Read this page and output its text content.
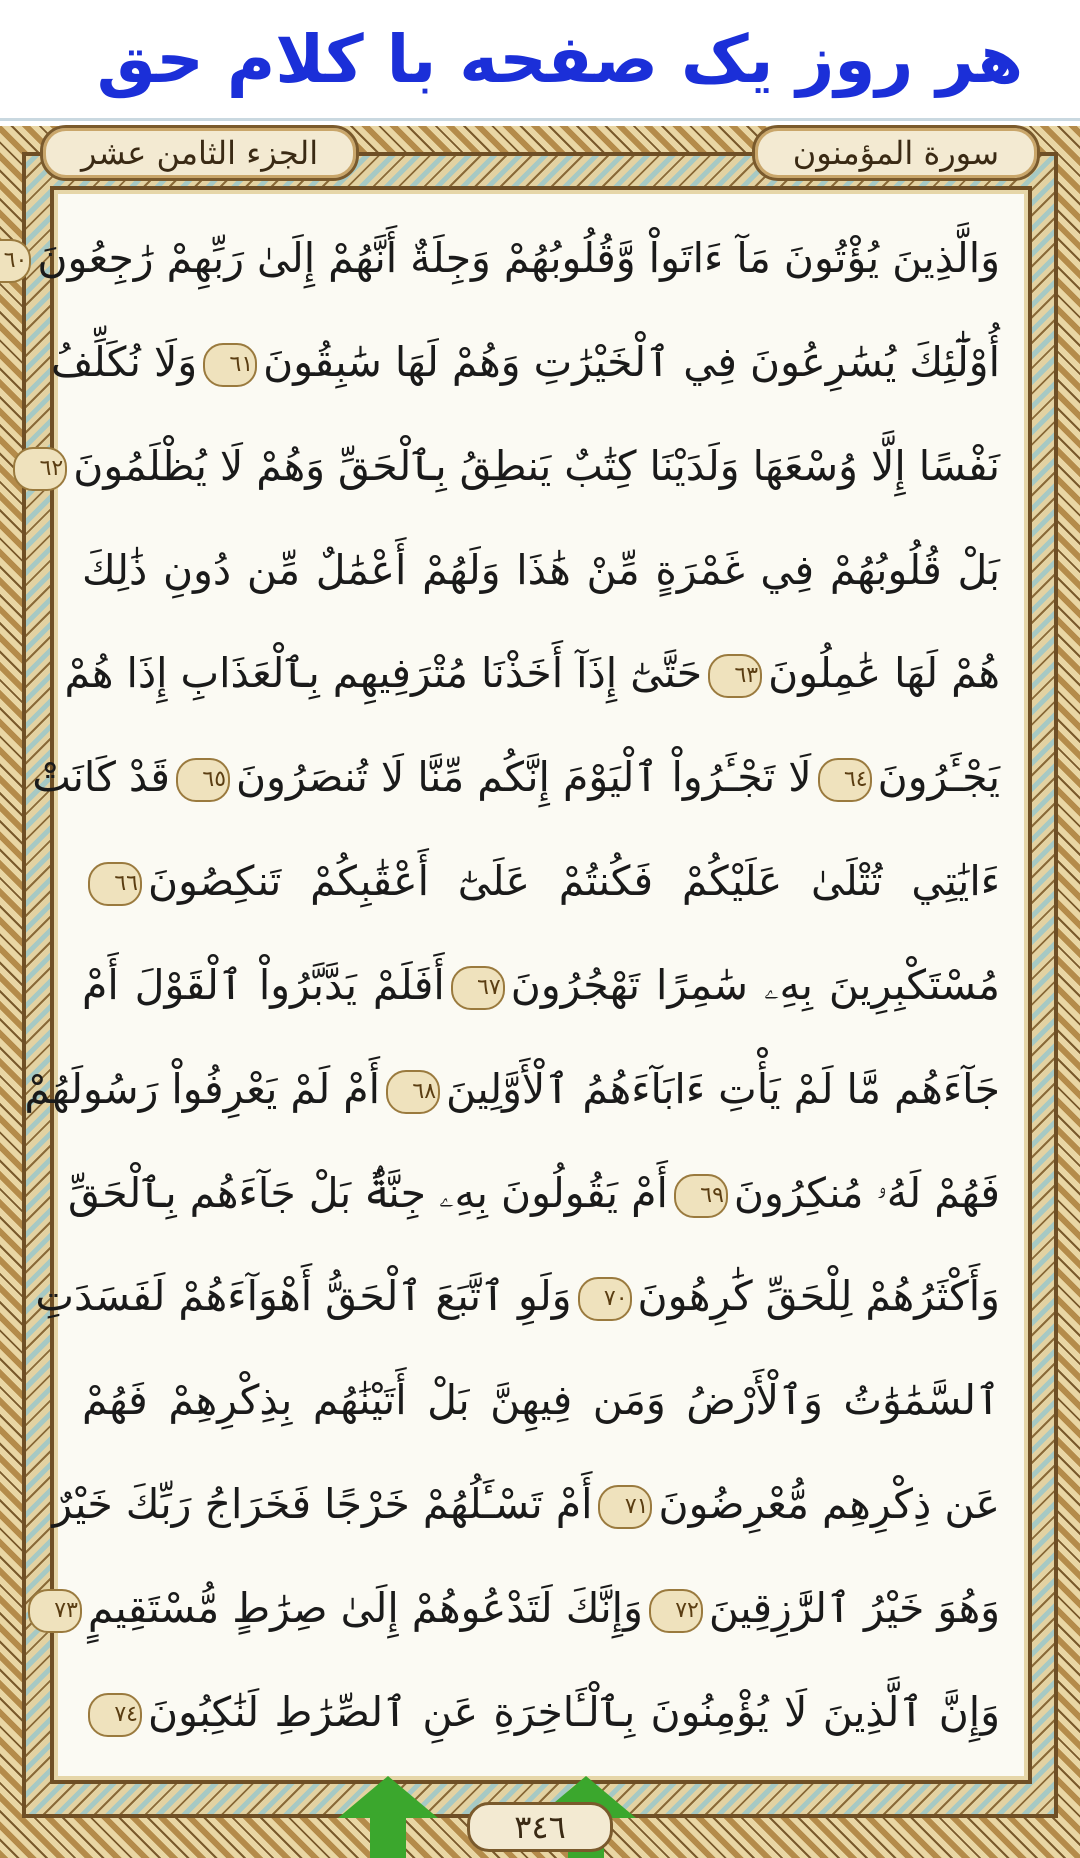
هر روز یک صفحه با کلام حق
الجزء الثامن عشر	سورة المؤمنون
وَالَّذِينَ يُؤْتُونَ مَآ ءَاتَواْ وَّقُلُوبُهُمْ وَجِلَةٌ أَنَّهُمْ إِلَىٰ رَبِّهِمْ رَٰجِعُونَ٦٠
أُوْلَٰٓئِكَ يُسَٰرِعُونَ فِي ٱلْخَيْرَٰتِ وَهُمْ لَهَا سَٰبِقُونَ٦١وَلَا نُكَلِّفُ
نَفْسًا إِلَّا وُسْعَهَا وَلَدَيْنَا كِتَٰبٌ يَنطِقُ بِٱلْحَقِّ وَهُمْ لَا يُظْلَمُونَ٦٢
بَلْ قُلُوبُهُمْ فِي غَمْرَةٍ مِّنْ هَٰذَا وَلَهُمْ أَعْمَٰلٌ مِّن دُونِ ذَٰلِكَ
هُمْ لَهَا عَٰمِلُونَ٦٣حَتَّىٰٓ إِذَآ أَخَذْنَا مُتْرَفِيهِم بِٱلْعَذَابِ إِذَا هُمْ
يَجْـَٔرُونَ٦٤لَا تَجْـَٔرُواْ ٱلْيَوْمَ إِنَّكُم مِّنَّا لَا تُنصَرُونَ٦٥قَدْ كَانَتْ
ءَايَٰتِي تُتْلَىٰ عَلَيْكُمْ فَكُنتُمْ عَلَىٰٓ أَعْقَٰبِكُمْ تَنكِصُونَ٦٦
مُسْتَكْبِرِينَ بِهِۦ سَٰمِرًا تَهْجُرُونَ٦٧أَفَلَمْ يَدَّبَّرُواْ ٱلْقَوْلَ أَمْ
جَآءَهُم مَّا لَمْ يَأْتِ ءَابَآءَهُمُ ٱلْأَوَّلِينَ٦٨أَمْ لَمْ يَعْرِفُواْ رَسُولَهُمْ
فَهُمْ لَهُۥ مُنكِرُونَ٦٩أَمْ يَقُولُونَ بِهِۦ جِنَّةٌۢ بَلْ جَآءَهُم بِٱلْحَقِّ
وَأَكْثَرُهُمْ لِلْحَقِّ كَٰرِهُونَ٧٠وَلَوِ ٱتَّبَعَ ٱلْحَقُّ أَهْوَآءَهُمْ لَفَسَدَتِ
ٱلسَّمَٰوَٰتُ وَٱلْأَرْضُ وَمَن فِيهِنَّ بَلْ أَتَيْنَٰهُم بِذِكْرِهِمْ فَهُمْ
عَن ذِكْرِهِم مُّعْرِضُونَ٧١أَمْ تَسْـَٔلُهُمْ خَرْجًا فَخَرَاجُ رَبِّكَ خَيْرٌ
وَهُوَ خَيْرُ ٱلرَّٰزِقِينَ٧٢وَإِنَّكَ لَتَدْعُوهُمْ إِلَىٰ صِرَٰطٍ مُّسْتَقِيمٍ٧٣
وَإِنَّ ٱلَّذِينَ لَا يُؤْمِنُونَ بِٱلْـَٔاخِرَةِ عَنِ ٱلصِّرَٰطِ لَنَٰكِبُونَ٧٤
٣٤٦
